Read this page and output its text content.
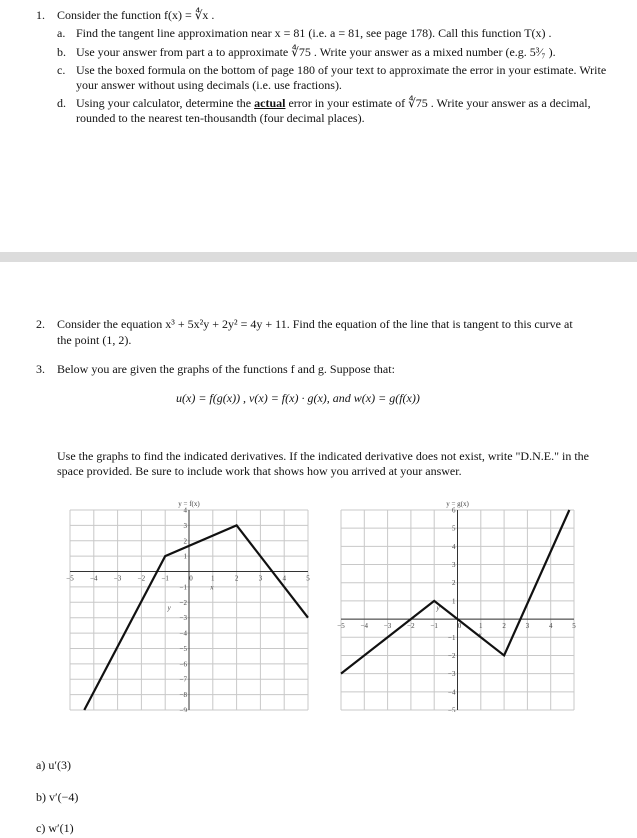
1. Consider the function f(x) = ∜x .
a. Find the tangent line approximation near x = 81 (i.e. a = 81, see page 178). Call this function T(x) .
b. Use your answer from part a to approximate ∜75 . Write your answer as a mixed number (e.g. 5³⁄₇ ).
c. Use the boxed formula on the bottom of page 180 of your text to approximate the error in your estimate. Write
your answer without using decimals (i.e. use fractions).
d. Using your calculator, determine the actual error in your estimate of ∜75 . Write your answer as a decimal,
rounded to the nearest ten-thousandth (four decimal places).
2. Consider the equation x³ + 5x²y + 2y² = 4y + 11. Find the equation of the line that is tangent to this curve at
the point (1, 2).
3. Below you are given the graphs of the functions f and g. Suppose that:
u(x) = f(g(x)) , v(x) = f(x) · g(x), and w(x) = g(f(x))
Use the graphs to find the indicated derivatives. If the indicated derivative does not exist, write "D.N.E." in the
space provided. Be sure to include work that shows how you arrived at your answer.
−5 −4 −3 −2 −1	0	1	2	3	4	5
−9
−8
−7
−6
−5
−4
−3
−2
−1
1
2
3
4
y = f(x)
x
y
−5 −4 −3 −2 −1	0	1	2	3	4	5
−5
−4
−3
−2
−1
1
2
3
4
5
6
y = g(x)
x
y
a) u′(3)
b) v′(−4)
c) w′(1)
